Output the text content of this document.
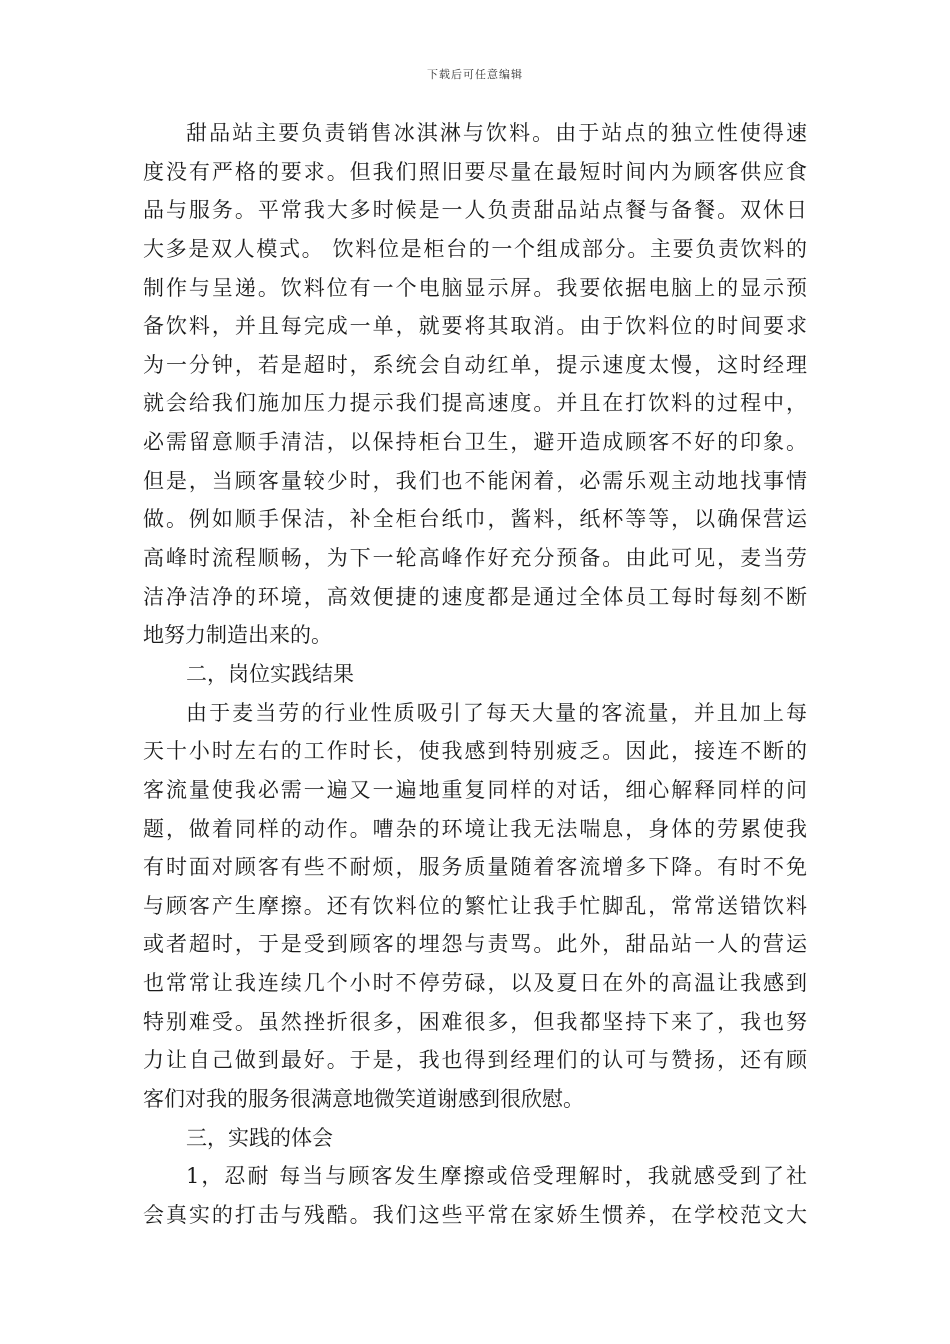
下载后可任意编辑
甜品站主要负责销售冰淇淋与饮料。由于站点的独立性使得速
度没有严格的要求。但我们照旧要尽量在最短时间内为顾客供应食
品与服务。平常我大多时候是一人负责甜品站点餐与备餐。双休日
大多是双人模式。 饮料位是柜台的一个组成部分。主要负责饮料的
制作与呈递。饮料位有一个电脑显示屏。我要依据电脑上的显示预
备饮料，并且每完成一单，就要将其取消。由于饮料位的时间要求
为一分钟，若是超时，系统会自动红单，提示速度太慢，这时经理
就会给我们施加压力提示我们提高速度。并且在打饮料的过程中，
必需留意顺手清洁，以保持柜台卫生，避开造成顾客不好的印象。
但是，当顾客量较少时，我们也不能闲着，必需乐观主动地找事情
做。例如顺手保洁，补全柜台纸巾，酱料，纸杯等等，以确保营运
高峰时流程顺畅，为下一轮高峰作好充分预备。由此可见，麦当劳
洁净洁净的环境，高效便捷的速度都是通过全体员工每时每刻不断
地努力制造出来的。
二，岗位实践结果
由于麦当劳的行业性质吸引了每天大量的客流量，并且加上每
天十小时左右的工作时长，使我感到特别疲乏。因此，接连不断的
客流量使我必需一遍又一遍地重复同样的对话，细心解释同样的问
题，做着同样的动作。嘈杂的环境让我无法喘息，身体的劳累使我
有时面对顾客有些不耐烦，服务质量随着客流增多下降。有时不免
与顾客产生摩擦。还有饮料位的繁忙让我手忙脚乱，常常送错饮料
或者超时，于是受到顾客的埋怨与责骂。此外，甜品站一人的营运
也常常让我连续几个小时不停劳碌，以及夏日在外的高温让我感到
特别难受。虽然挫折很多，困难很多，但我都坚持下来了，我也努
力让自己做到最好。于是，我也得到经理们的认可与赞扬，还有顾
客们对我的服务很满意地微笑道谢感到很欣慰。
三，实践的体会
1，忍耐 每当与顾客发生摩擦或倍受理解时，我就感受到了社
会真实的打击与残酷。我们这些平常在家娇生惯养，在学校范文大
